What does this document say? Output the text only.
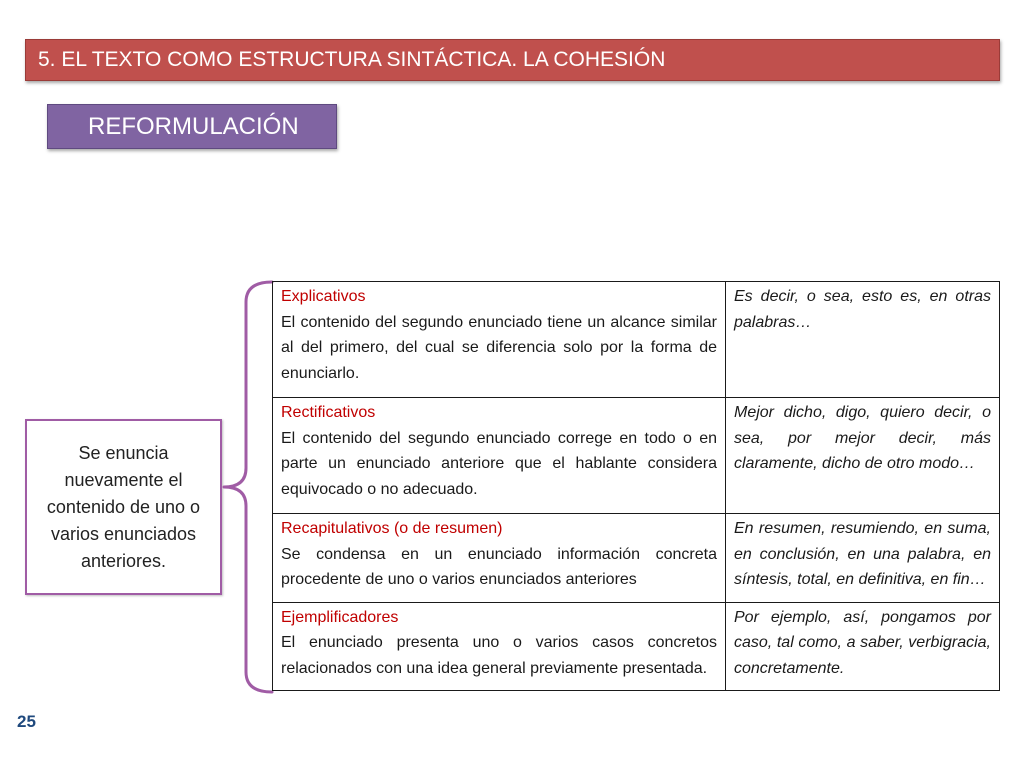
5. EL TEXTO COMO ESTRUCTURA SINTÁCTICA. LA COHESIÓN
REFORMULACIÓN
Se enuncia nuevamente el contenido de uno o varios enunciados anteriores.
Explicativos
El contenido del segundo enunciado tiene un alcance similar al del primero, del cual se diferencia solo por la forma de enunciarlo.	Es decir, o sea, esto es, en otras palabras…

Rectificativos
El contenido del segundo enunciado correge en todo o en parte un enunciado anteriore que el hablante considera equivocado o no adecuado.	Mejor dicho, digo, quiero decir, o sea, por mejor decir, más claramente, dicho de otro modo…

Recapitulativos (o de resumen)
Se condensa en un enunciado información concreta procedente de uno o varios enunciados anteriores	En resumen, resumiendo, en suma, en conclusión, en una palabra, en síntesis, total, en definitiva, en fin…

Ejemplificadores
El enunciado presenta uno o varios casos concretos relacionados con una idea general previamente presentada.	Por ejemplo, así, pongamos por caso, tal como, a saber, verbigracia, concretamente.
25
